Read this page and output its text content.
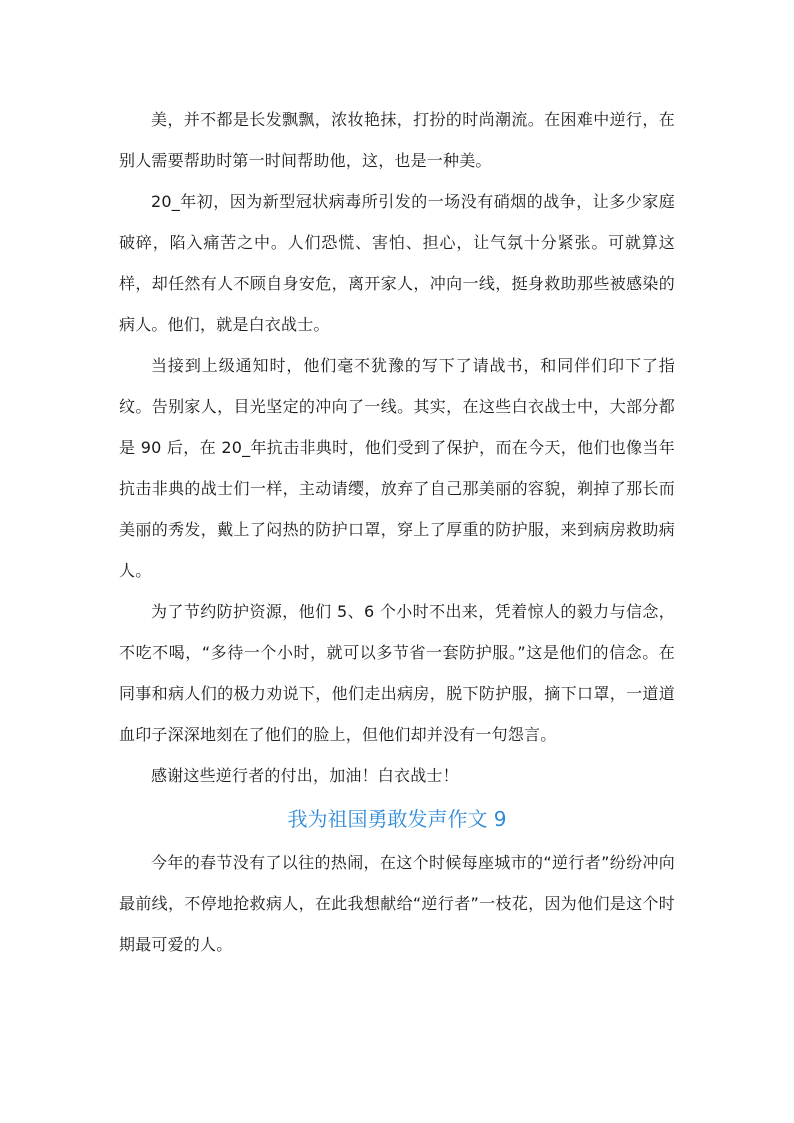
美，并不都是长发飘飘，浓妆艳抹，打扮的时尚潮流。在困难中逆行，在别人需要帮助时第一时间帮助他，这，也是一种美。

20_年初，因为新型冠状病毒所引发的一场没有硝烟的战争，让多少家庭破碎，陷入痛苦之中。人们恐慌、害怕、担心，让气氛十分紧张。可就算这样，却任然有人不顾自身安危，离开家人，冲向一线，挺身救助那些被感染的病人。他们，就是白衣战士。

当接到上级通知时，他们毫不犹豫的写下了请战书，和同伴们印下了指纹。告别家人，目光坚定的冲向了一线。其实，在这些白衣战士中，大部分都是 90 后，在 20_年抗击非典时，他们受到了保护，而在今天，他们也像当年抗击非典的战士们一样，主动请缨，放弃了自己那美丽的容貌，剃掉了那长而美丽的秀发，戴上了闷热的防护口罩，穿上了厚重的防护服，来到病房救助病人。

为了节约防护资源，他们 5、6 个小时不出来，凭着惊人的毅力与信念，不吃不喝，“多待一个小时，就可以多节省一套防护服。”这是他们的信念。在同事和病人们的极力劝说下，他们走出病房，脱下防护服，摘下口罩，一道道血印子深深地刻在了他们的脸上，但他们却并没有一句怨言。

感谢这些逆行者的付出，加油！白衣战士！

我为祖国勇敢发声作文 9

今年的春节没有了以往的热闹，在这个时候每座城市的“逆行者”纷纷冲向最前线，不停地抢救病人，在此我想献给“逆行者”一枝花，因为他们是这个时期最可爱的人。
